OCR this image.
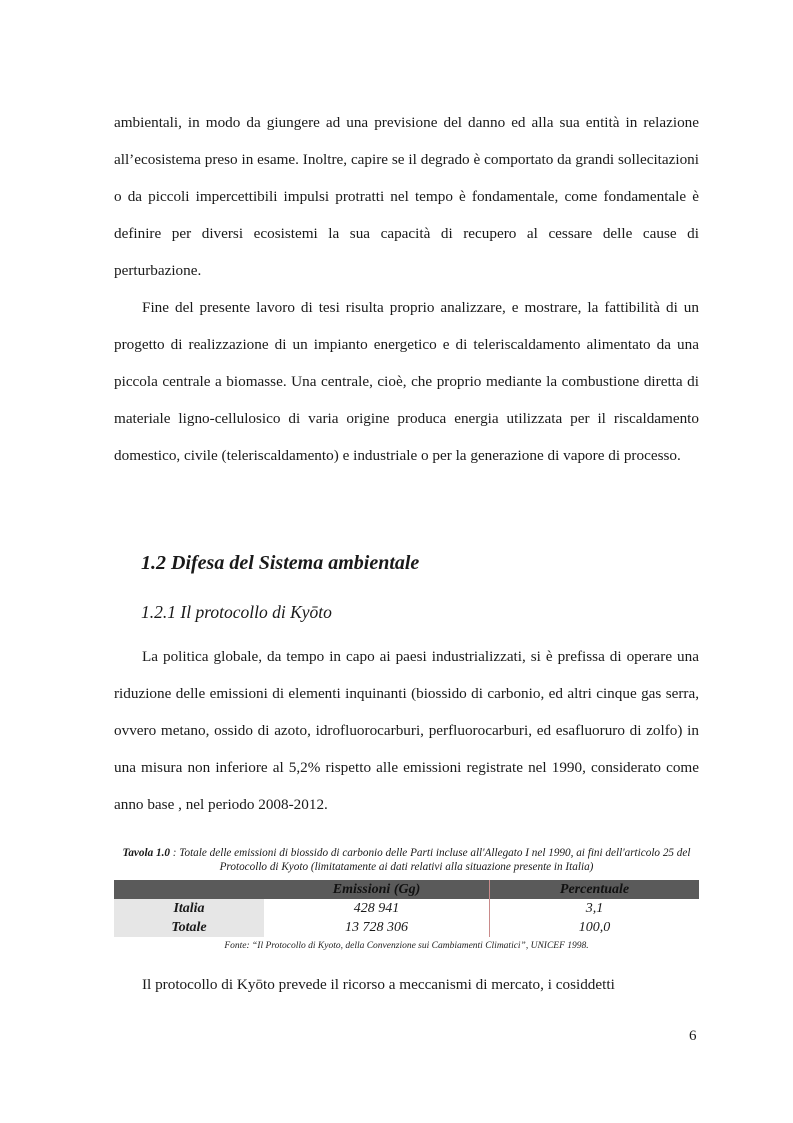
ambientali, in modo da giungere ad una previsione del danno ed alla sua entità in relazione all’ecosistema preso in esame. Inoltre, capire se il degrado è comportato da grandi sollecitazioni o da piccoli impercettibili impulsi protratti nel tempo è fondamentale, come fondamentale è definire per diversi ecosistemi la sua capacità di recupero al cessare delle cause di perturbazione.

Fine del presente lavoro di tesi risulta proprio analizzare, e mostrare, la fattibilità di un progetto di realizzazione di un impianto energetico e di teleriscaldamento alimentato da una piccola centrale a biomasse. Una centrale, cioè, che proprio mediante la combustione diretta di materiale ligno-cellulosico di varia origine produca energia utilizzata per il riscaldamento domestico, civile (teleriscaldamento) e industriale o per la generazione di vapore di processo.

1.2 Difesa del Sistema ambientale
1.2.1 Il protocollo di Kyōto

La politica globale, da tempo in capo ai paesi industrializzati, si è prefissa di operare una riduzione delle emissioni di elementi inquinanti (biossido di carbonio, ed altri cinque gas serra, ovvero metano, ossido di azoto, idrofluorocarburi, perfluorocarburi, ed esafluoruro di zolfo) in una misura non inferiore al 5,2% rispetto alle emissioni registrate nel 1990, considerato come anno base , nel periodo 2008-2012.

Tavola 1.0 : Totale delle emissioni di biossido di carbonio delle Parti incluse all'Allegato I nel 1990, ai fini dell'articolo 25 del Protocollo di Kyoto (limitatamente ai dati relativi alla situazione presente in Italia)
	Emissioni (Gg)	Percentuale
Italia	428 941	3,1
Totale	13 728 306	100,0
Fonte: “Il Protocollo di Kyoto, della Convenzione sui Cambiamenti Climatici”, UNICEF 1998.

Il protocollo di Kyōto prevede il ricorso a meccanismi di mercato, i cosiddetti

6
